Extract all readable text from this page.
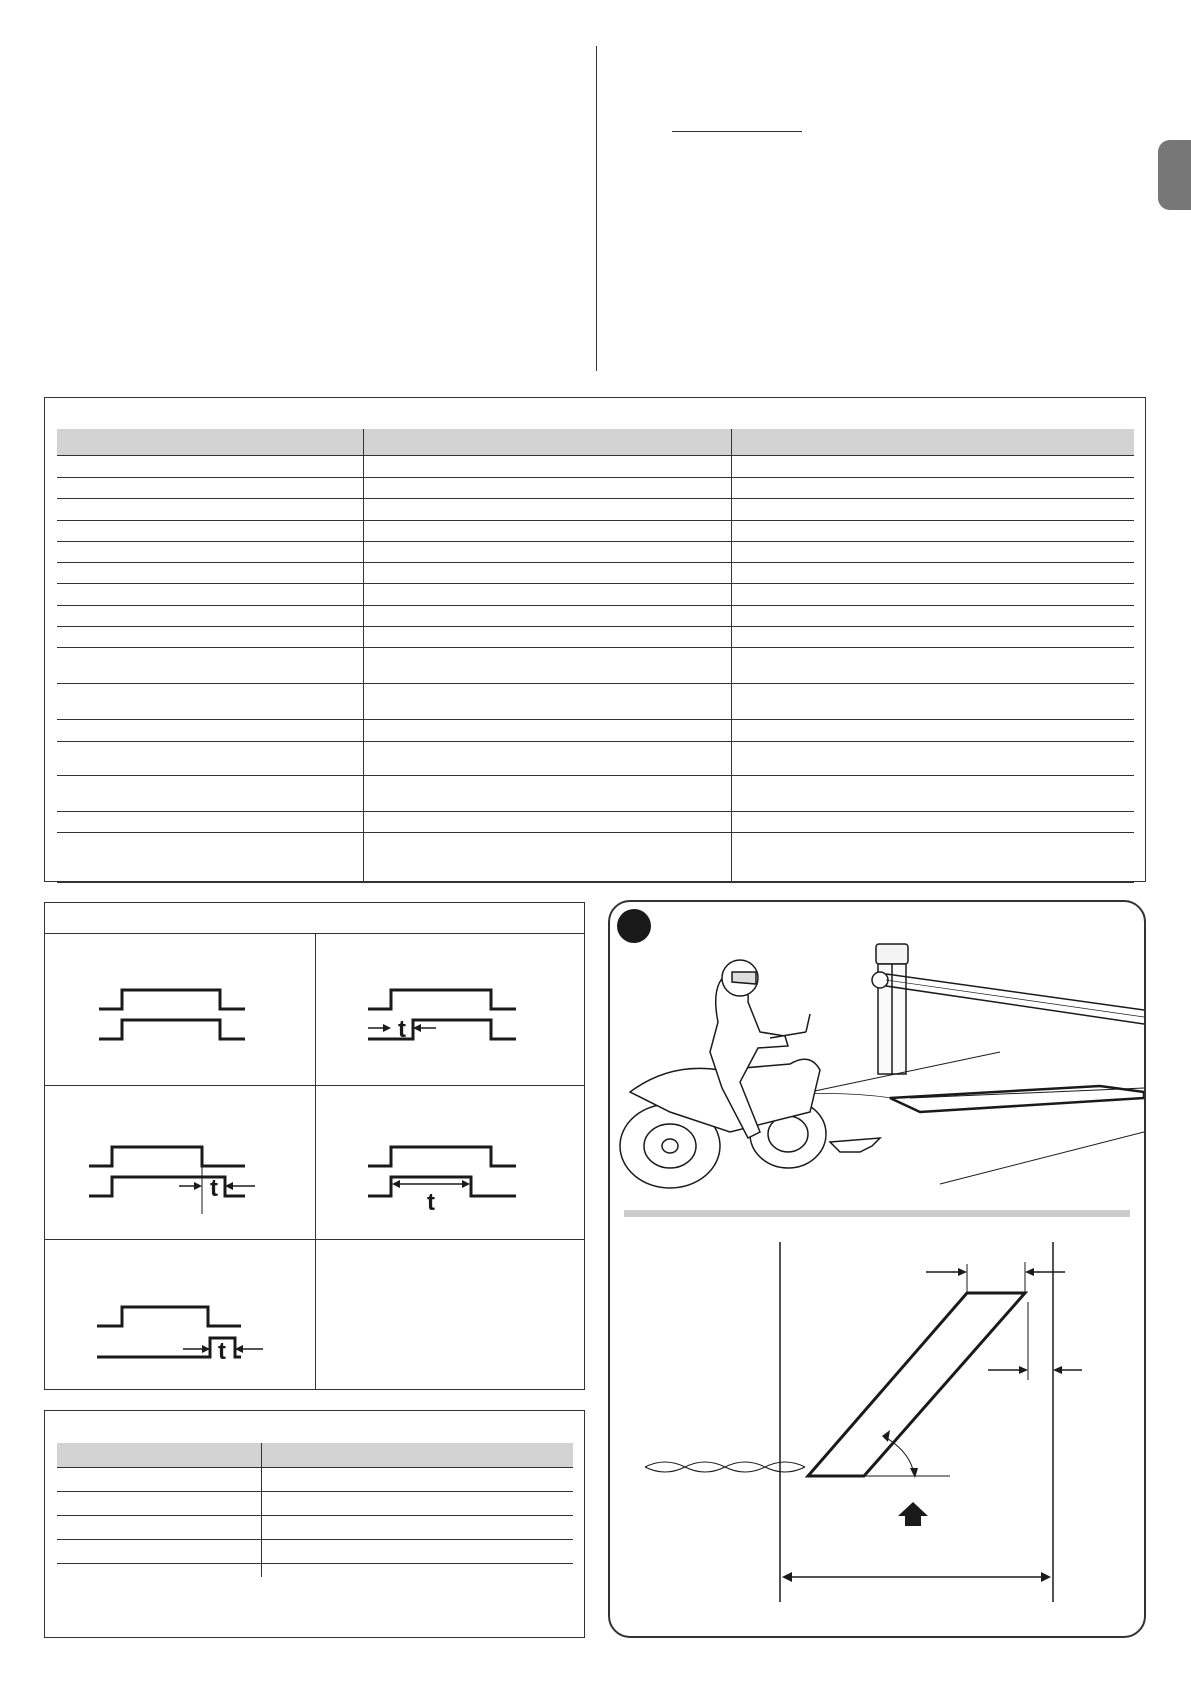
t
t
t
t
